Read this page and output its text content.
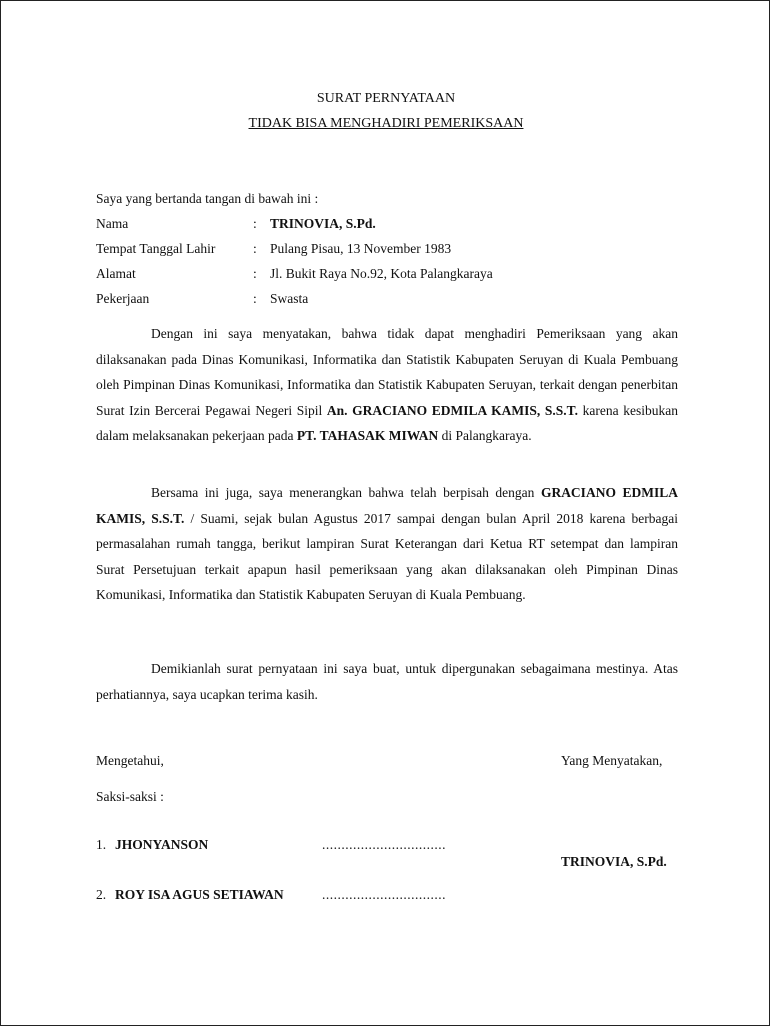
SURAT PERNYATAAN
TIDAK BISA MENGHADIRI PEMERIKSAAN
Saya yang bertanda tangan di bawah ini :
Nama	: TRINOVIA, S.Pd.
Tempat Tanggal Lahir	: Pulang Pisau, 13 November 1983
Alamat	: Jl. Bukit Raya No.92, Kota Palangkaraya
Pekerjaan	: Swasta

Dengan ini saya menyatakan, bahwa tidak dapat menghadiri Pemeriksaan yang akan dilaksanakan pada Dinas Komunikasi, Informatika dan Statistik Kabupaten Seruyan di Kuala Pembuang oleh Pimpinan Dinas Komunikasi, Informatika dan Statistik Kabupaten Seruyan, terkait dengan penerbitan Surat Izin Bercerai Pegawai Negeri Sipil An. GRACIANO EDMILA KAMIS, S.S.T. karena kesibukan dalam melaksanakan pekerjaan pada PT. TAHASAK MIWAN di Palangkaraya.

Bersama ini juga, saya menerangkan bahwa telah berpisah dengan GRACIANO EDMILA KAMIS, S.S.T. / Suami, sejak bulan Agustus 2017 sampai dengan bulan April 2018 karena berbagai permasalahan rumah tangga, berikut lampiran Surat Keterangan dari Ketua RT setempat dan lampiran Surat Persetujuan terkait apapun hasil pemeriksaan yang akan dilaksanakan oleh Pimpinan Dinas Komunikasi, Informatika dan Statistik Kabupaten Seruyan di Kuala Pembuang.

Demikianlah surat pernyataan ini saya buat, untuk dipergunakan sebagaimana mestinya. Atas perhatiannya, saya ucapkan terima kasih.

Mengetahui,	Yang Menyatakan,
Saksi-saksi :
1. JHONYANSON	................................
TRINOVIA, S.Pd.
2. ROY ISA AGUS SETIAWAN	................................
